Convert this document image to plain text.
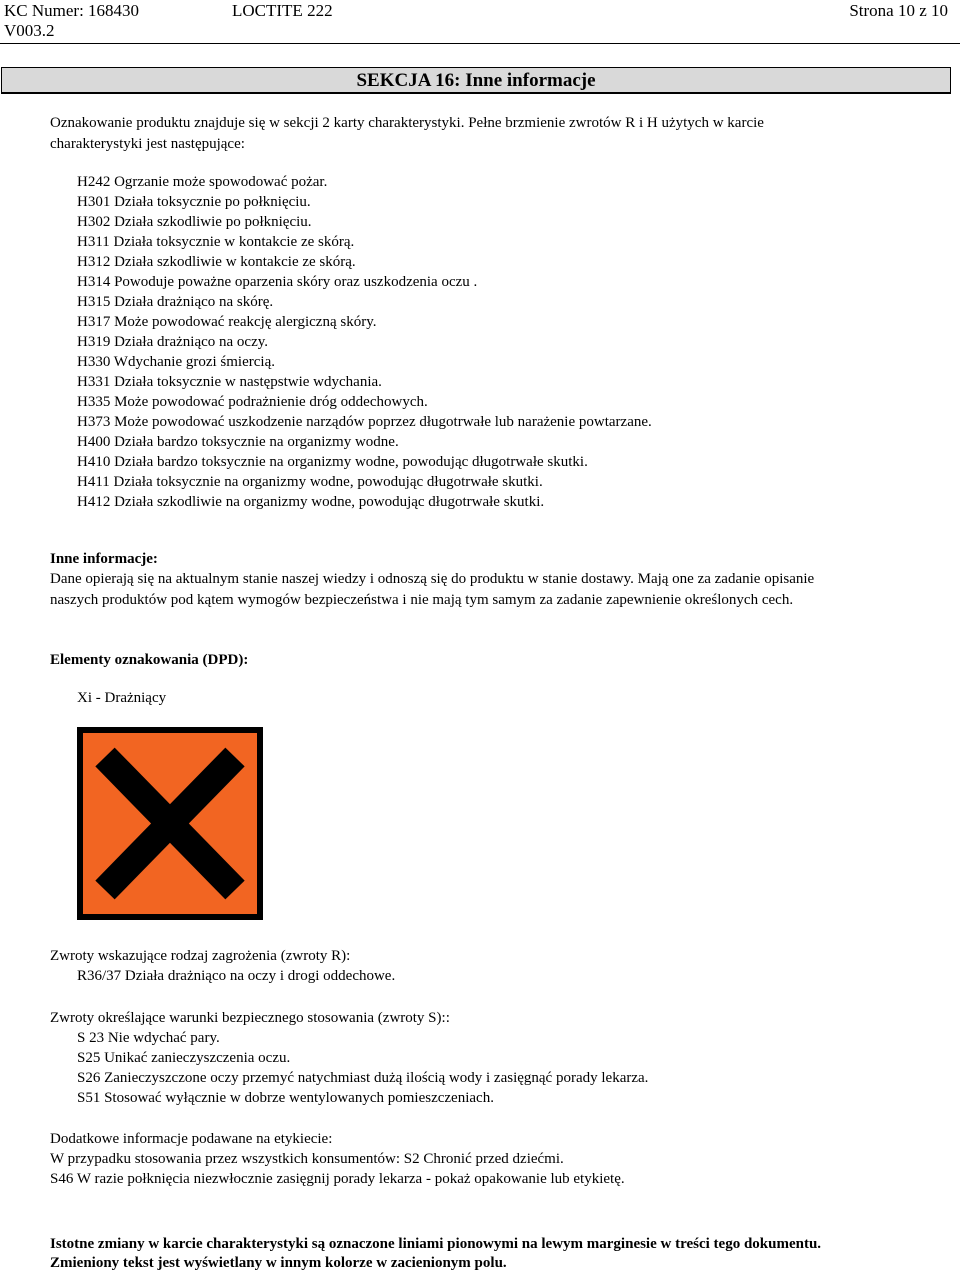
KC Numer: 168430	LOCTITE 222	Strona 10 z 10
V003.2
SEKCJA 16: Inne informacje
Oznakowanie produktu znajduje się w sekcji 2 karty charakterystyki. Pełne brzmienie zwrotów R i H użytych w karcie
charakterystyki jest następujące:
H242 Ogrzanie może spowodować pożar.
H301 Działa toksycznie po połknięciu.
H302 Działa szkodliwie po połknięciu.
H311 Działa toksycznie w kontakcie ze skórą.
H312 Działa szkodliwie w kontakcie ze skórą.
H314 Powoduje poważne oparzenia skóry oraz uszkodzenia oczu .
H315 Działa drażniąco na skórę.
H317 Może powodować reakcję alergiczną skóry.
H319 Działa drażniąco na oczy.
H330 Wdychanie grozi śmiercią.
H331 Działa toksycznie w następstwie wdychania.
H335 Może powodować podrażnienie dróg oddechowych.
H373 Może powodować uszkodzenie narządów poprzez długotrwałe lub narażenie powtarzane.
H400 Działa bardzo toksycznie na organizmy wodne.
H410 Działa bardzo toksycznie na organizmy wodne, powodując długotrwałe skutki.
H411 Działa toksycznie na organizmy wodne, powodując długotrwałe skutki.
H412 Działa szkodliwie na organizmy wodne, powodując długotrwałe skutki.
Inne informacje:
Dane opierają się na aktualnym stanie naszej wiedzy i odnoszą się do produktu w stanie dostawy. Mają one za zadanie opisanie
naszych produktów pod kątem wymogów bezpieczeństwa i nie mają tym samym za zadanie zapewnienie określonych cech.
Elementy oznakowania (DPD):
Xi - Drażniący
Zwroty wskazujące rodzaj zagrożenia (zwroty R):
R36/37 Działa drażniąco na oczy i drogi oddechowe.
Zwroty określające warunki bezpiecznego stosowania (zwroty S)::
S 23 Nie wdychać pary.
S25 Unikać zanieczyszczenia oczu.
S26 Zanieczyszczone oczy przemyć natychmiast dużą ilością wody i zasięgnąć porady lekarza.
S51 Stosować wyłącznie w dobrze wentylowanych pomieszczeniach.
Dodatkowe informacje podawane na etykiecie:
W przypadku stosowania przez wszystkich konsumentów: S2 Chronić przed dziećmi.
S46 W razie połknięcia niezwłocznie zasięgnij porady lekarza - pokaż opakowanie lub etykietę.
Istotne zmiany w karcie charakterystyki są oznaczone liniami pionowymi na lewym marginesie w treści tego dokumentu.
Zmieniony tekst jest wyświetlany w innym kolorze w zacienionym polu.
